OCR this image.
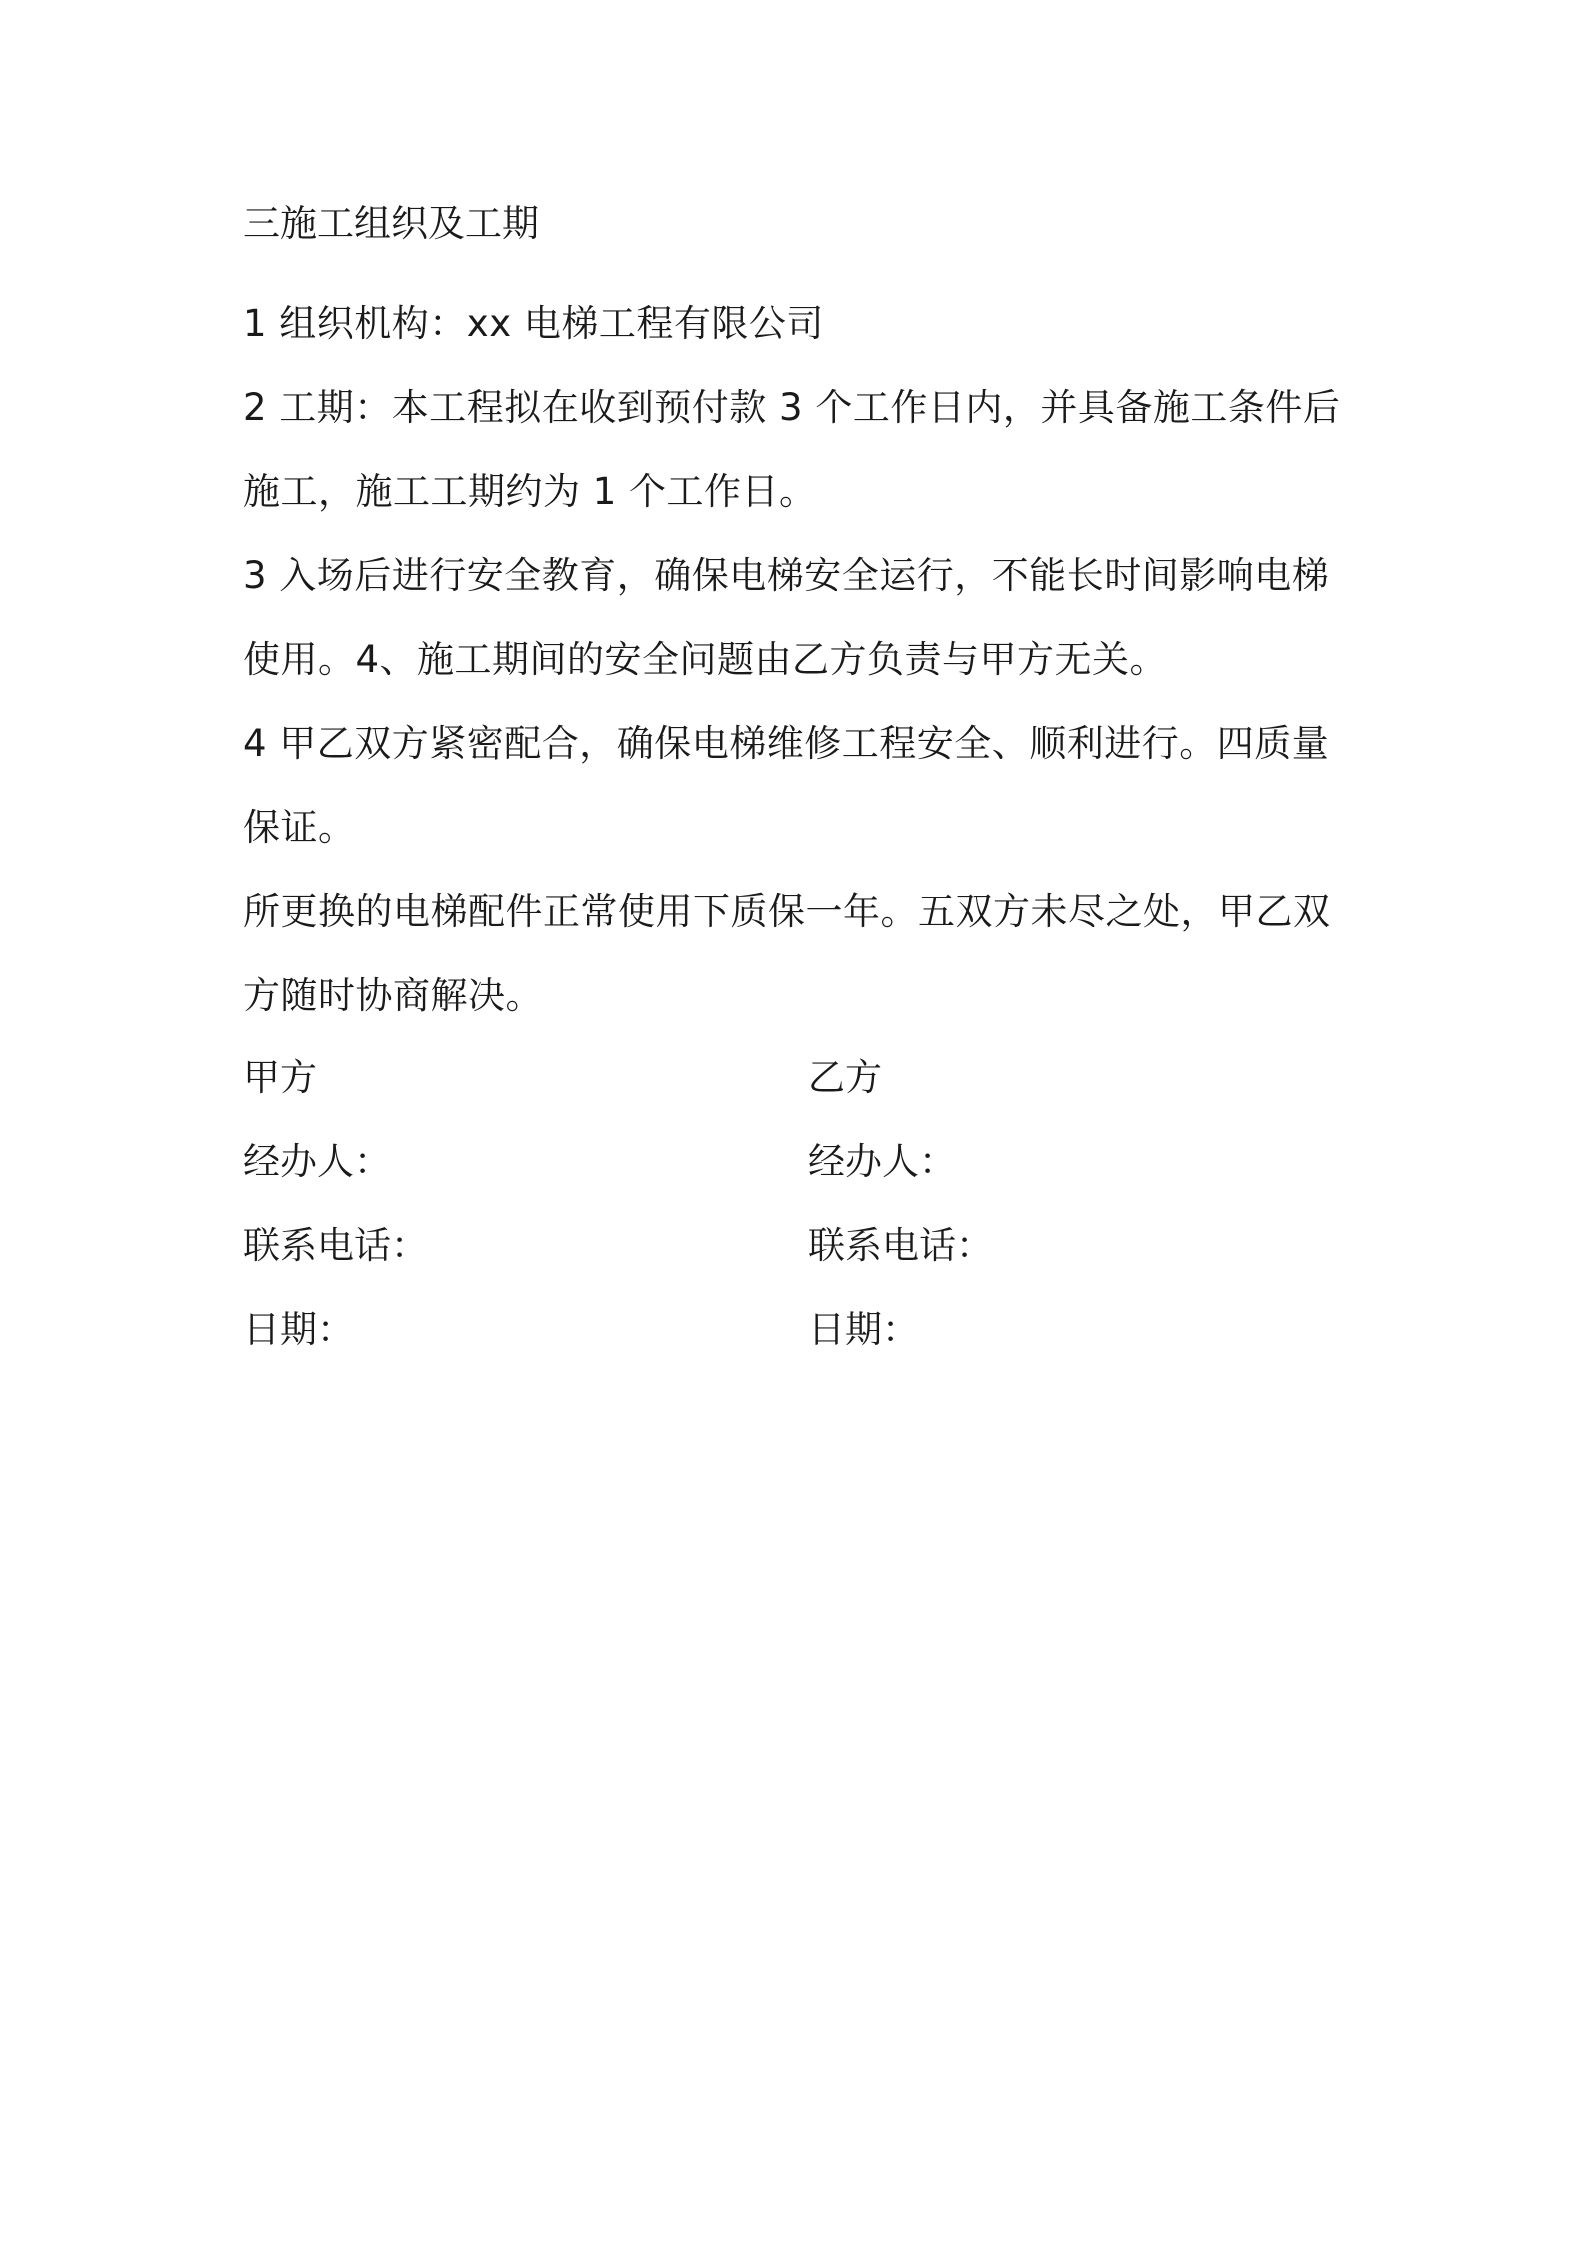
三施工组织及工期

1 组织机构：xx 电梯工程有限公司

2 工期：本工程拟在收到预付款 3 个工作日内，并具备施工条件后施工，施工工期约为 1 个工作日。

3 入场后进行安全教育，确保电梯安全运行，不能长时间影响电梯使用。4、施工期间的安全问题由乙方负责与甲方无关。

4 甲乙双方紧密配合，确保电梯维修工程安全、顺利进行。四质量保证。

所更换的电梯配件正常使用下质保一年。五双方未尽之处，甲乙双方随时协商解决。

甲方	乙方
经办人：	经办人：
联系电话：	联系电话：
日期：	日期：
